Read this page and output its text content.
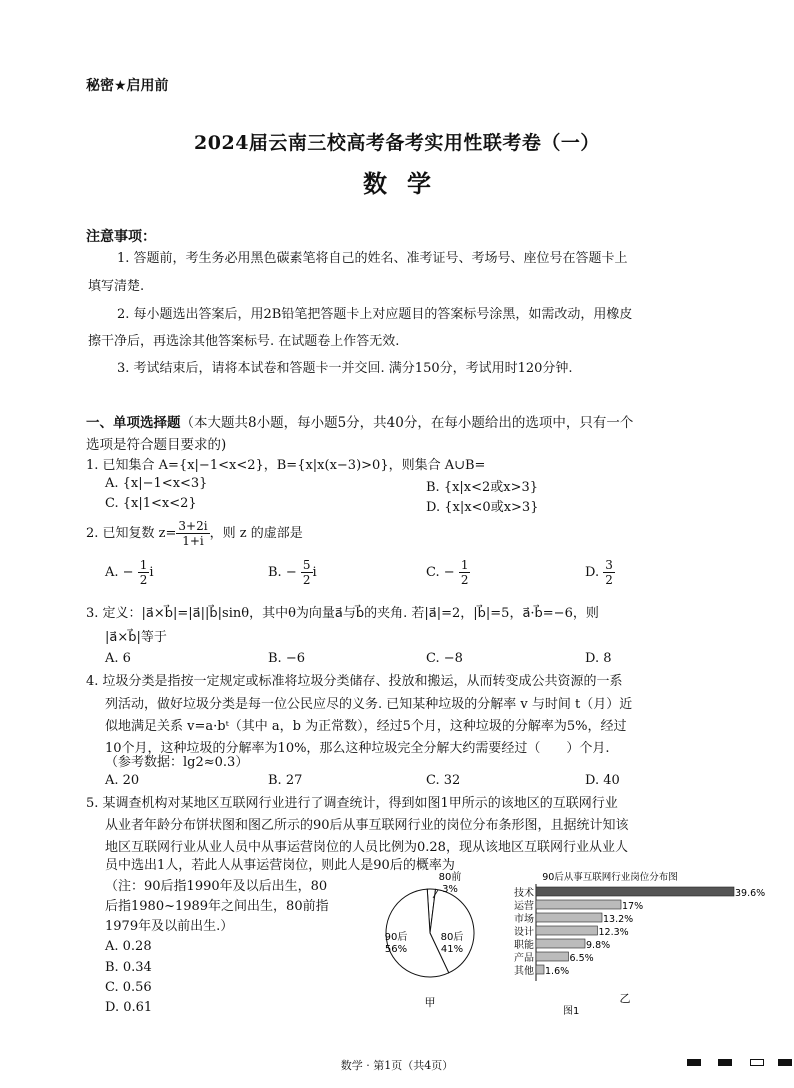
秘密★启用前
2024届云南三校高考备考实用性联考卷（一）
数学
注意事项：
1. 答题前，考生务必用黑色碳素笔将自己的姓名、准考证号、考场号、座位号在答题卡上
填写清楚.
2. 每小题选出答案后，用2B铅笔把答题卡上对应题目的答案标号涂黑，如需改动，用橡皮
擦干净后，再选涂其他答案标号. 在试题卷上作答无效.
3. 考试结束后，请将本试卷和答题卡一并交回. 满分150分，考试用时120分钟.
一、单项选择题（本大题共8小题，每小题5分，共40分，在每小题给出的选项中，只有一个
选项是符合题目要求的)
1. 已知集合 A={x|−1<x<2}，B={x|x(x−3)>0}，则集合 A∪B=
A. {x|−1<x<3}	B. {x|x<2或x>3}
C. {x|1<x<2}	D. {x|x<0或x>3}
2. 已知复数 $z= \frac{3+2i}{1+i}$ ，则 z 的虚部是
A. − $\frac{1}{2}$ i	B. − $\frac{5}{2}$ i	C. − $\frac{1}{2}$	D. $\frac{3}{2}$
3. 定义：|a⃗×b⃗|=|a⃗||b⃗|sinθ，其中θ为向量a⃗与b⃗的夹角. 若|a⃗|=2，|b⃗|=5，a⃗·b⃗=−6，则
|a⃗×b⃗|等于
A. 6	B. −6	C. −8	D. 8
4. 垃圾分类是指按一定规定或标准将垃圾分类储存、投放和搬运，从而转变成公共资源的一系
列活动，做好垃圾分类是每一位公民应尽的义务. 已知某种垃圾的分解率 v 与时间 t（月）近
似地满足关系 v=a·bᵗ（其中 a，b 为正常数），经过5个月，这种垃圾的分解率为5%，经过
10个月，这种垃圾的分解率为10%，那么这种垃圾完全分解大约需要经过（　　）个月.
（参考数据：lg2≈0.3）
A. 20	B. 27	C. 32	D. 40
5. 某调查机构对某地区互联网行业进行了调查统计，得到如图1甲所示的该地区的互联网行业
从业者年龄分布饼状图和图乙所示的90后从事互联网行业的岗位分布条形图，且据统计知该
地区互联网行业从业人员中从事运营岗位的人员比例为0.28，现从该地区互联网行业从业人
员中选出1人，若此人从事运营岗位，则此人是90后的概率为
（注：90后指1990年及以后出生，80
后指1980~1989年之间出生，80前指
1979年及以前出生.）
A. 0.28
B. 0.34
C. 0.56
D. 0.61
90后 56%
80后 41%
80前 3%
甲
90后从事互联网行业岗位分布图
技术	39.6%
运营	17%
市场	13.2%
设计	12.3%
职能	9.8%
产品	6.5%
其他 1.6%
乙
图1
数学 · 第1页（共4页）
